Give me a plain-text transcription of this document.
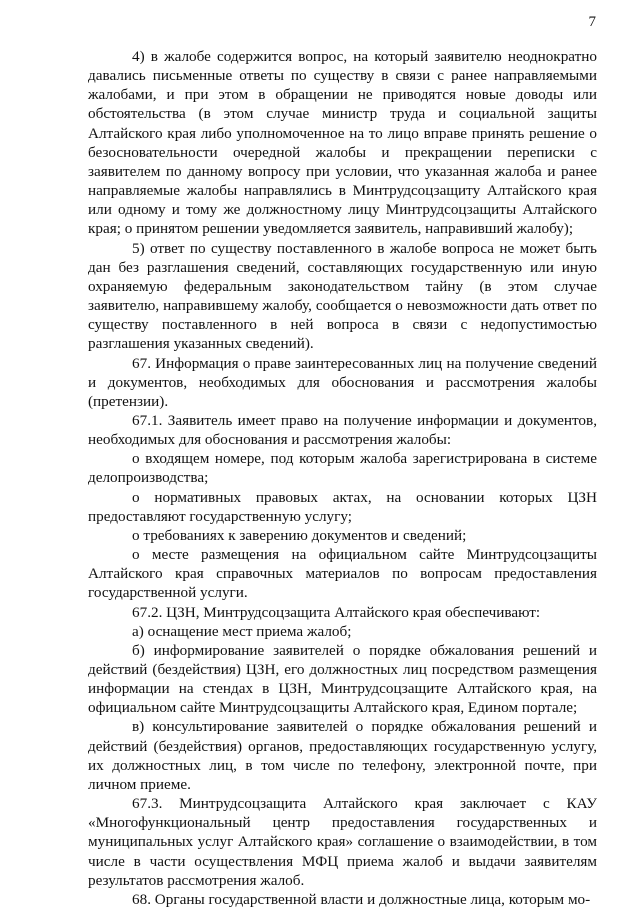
7

4) в жалобе содержится вопрос, на который заявителю неоднократно давались письменные ответы по существу в связи с ранее направляемыми жалобами, и при этом в обращении не приводятся новые доводы или обстоятельства (в этом случае министр труда и социальной защиты Алтайского края либо уполномоченное на то лицо вправе принять решение о безосновательности очередной жалобы и прекращении переписки с заявителем по данному вопросу при условии, что указанная жалоба и ранее направляемые жалобы направлялись в Минтрудсоцзащиту Алтайского края или одному и тому же должностному лицу Минтрудсоцзащиты Алтайского края; о принятом решении уведомляется заявитель, направивший жалобу);

5) ответ по существу поставленного в жалобе вопроса не может быть дан без разглашения сведений, составляющих государственную или иную охраняемую федеральным законодательством тайну (в этом случае заявителю, направившему жалобу, сообщается о невозможности дать ответ по существу поставленного в ней вопроса в связи с недопустимостью разглашения указанных сведений).

67. Информация о праве заинтересованных лиц на получение сведений и документов, необходимых для обоснования и рассмотрения жалобы (претензии).

67.1. Заявитель имеет право на получение информации и документов, необходимых для обоснования и рассмотрения жалобы:

о входящем номере, под которым жалоба зарегистрирована в системе делопроизводства;

о нормативных правовых актах, на основании которых ЦЗН предоставляют государственную услугу;

о требованиях к заверению документов и сведений;

о месте размещения на официальном сайте Минтрудсоцзащиты Алтайского края справочных материалов по вопросам предоставления государственной услуги.

67.2. ЦЗН, Минтрудсоцзащита Алтайского края обеспечивают:

а) оснащение мест приема жалоб;

б) информирование заявителей о порядке обжалования решений и действий (бездействия) ЦЗН, его должностных лиц посредством размещения информации на стендах в ЦЗН, Минтрудсоцзащите Алтайского края, на официальном сайте Минтрудсоцзащиты Алтайского края, Едином портале;

в) консультирование заявителей о порядке обжалования решений и действий (бездействия) органов, предоставляющих государственную услугу, их должностных лиц, в том числе по телефону, электронной почте, при личном приеме.

67.3. Минтрудсоцзащита Алтайского края заключает с КАУ «Многофункциональный центр предоставления государственных и муниципальных услуг Алтайского края» соглашение о взаимодействии, в том числе в части осуществления МФЦ приема жалоб и выдачи заявителям результатов рассмотрения жалоб.

68. Органы государственной власти и должностные лица, которым мо-
